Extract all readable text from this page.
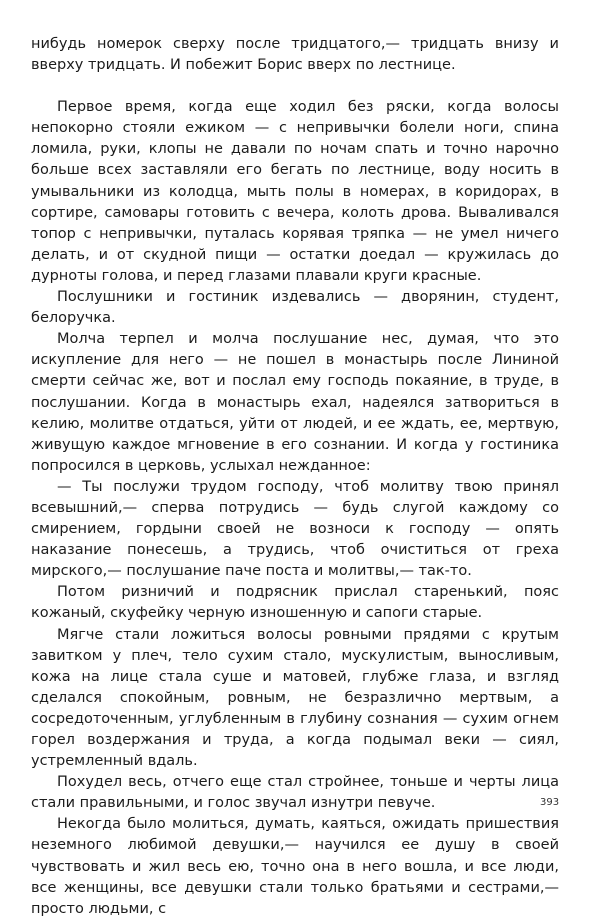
нибудь номерок сверху после тридцатого,— тридцать внизу и вверху тридцать. И побежит Борис вверх по лестнице.

Первое время, когда еще ходил без ряски, когда волосы непокорно стояли ежиком — с непривычки болели ноги, спина ломила, руки, клопы не давали по ночам спать и точно нарочно больше всех заставляли его бегать по лестнице, воду носить в умывальники из колодца, мыть полы в номерах, в коридорах, в сортире, самовары готовить с вечера, колоть дрова. Вываливался топор с непривычки, путалась корявая тряпка — не умел ничего делать, и от скудной пищи — остатки доедал — кружилась до дурноты голова, и перед глазами плавали круги красные.

Послушники и гостиник издевались — дворянин, студент, белоручка.

Молча терпел и молча послушание нес, думая, что это искупление для него — не пошел в монастырь после Лининой смерти сейчас же, вот и послал ему господь покаяние, в труде, в послушании. Когда в монастырь ехал, надеялся затвориться в келию, молитве отдаться, уйти от людей, и ее ждать, ее, мертвую, живущую каждое мгновение в его сознании. И когда у гостиника попросился в церковь, услыхал нежданное:

— Ты послужи трудом господу, чтоб молитву твою принял всевышний,— сперва потрудись — будь слугой каждому со смирением, гордыни своей не возноси к господу — опять наказание понесешь, а трудись, чтоб очиститься от греха мирского,— послушание паче поста и молитвы,— так-то.

Потом ризничий и подрясник прислал старенький, пояс кожаный, скуфейку черную изношенную и сапоги старые.

Мягче стали ложиться волосы ровными прядями с крутым завитком у плеч, тело сухим стало, мускулистым, выносливым, кожа на лице стала суше и матовей, глубже глаза, и взгляд сделался спокойным, ровным, не безразлично мертвым, а сосредоточенным, углубленным в глубину сознания — сухим огнем горел воздержания и труда, а когда подымал веки — сиял, устремленный вдаль.

Похудел весь, отчего еще стал стройнее, тоньше и черты лица стали правильными, и голос звучал изнутри певуче.

Некогда было молиться, думать, каяться, ожидать пришествия неземного любимой девушки,— научился ее душу в своей чувствовать и жил весь ею, точно она в него вошла, и все люди, все женщины, все девушки стали только братьями и сестрами,— просто людьми, с

393
